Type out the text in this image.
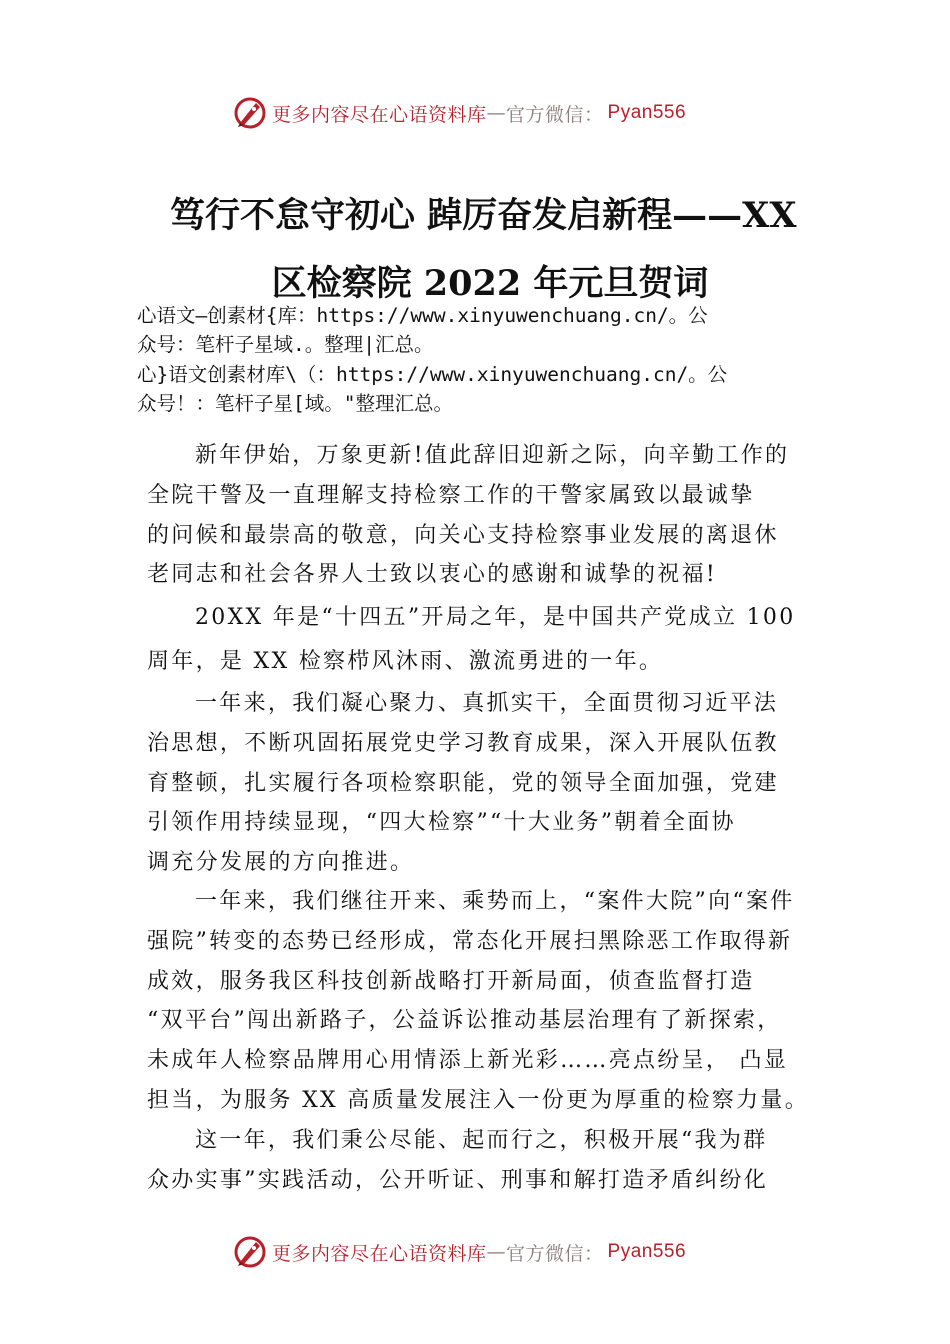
更多内容尽在心语资料库 — 官方微信： Pyan556
笃行不怠守初心 踔厉奋发启新程——XX
区检察院 2022 年元旦贺词
心语文—创素材{库：https://www.xinyuwenchuang.cn/。公
众号：笔杆子星域.。整理|汇总。
心}语文创素材库\（：https://www.xinyuwenchuang.cn/。公
众号！：笔杆子星[域。"整理汇总。
新年伊始，万象更新!值此辞旧迎新之际，向辛勤工作的
全院干警及一直理解支持检察工作的干警家属致以最诚挚
的问候和最崇高的敬意，向关心支持检察事业发展的离退休
老同志和社会各界人士致以衷心的感谢和诚挚的祝福!
20XX 年是“十四五”开局之年，是中国共产党成立 100
周年，是 XX 检察栉风沐雨、激流勇进的一年。
一年来，我们凝心聚力、真抓实干，全面贯彻习近平法
治思想，不断巩固拓展党史学习教育成果，深入开展队伍教
育整顿，扎实履行各项检察职能，党的领导全面加强，党建
引领作用持续显现，“四大检察”“十大业务”朝着全面协
调充分发展的方向推进。
一年来，我们继往开来、乘势而上，“案件大院”向“案件
强院”转变的态势已经形成，常态化开展扫黑除恶工作取得新
成效，服务我区科技创新战略打开新局面，侦查监督打造
“双平台”闯出新路子，公益诉讼推动基层治理有了新探索，
未成年人检察品牌用心用情添上新光彩……亮点纷呈， 凸显
担当，为服务 XX 高质量发展注入一份更为厚重的检察力量。
这一年，我们秉公尽能、起而行之，积极开展“我为群
众办实事”实践活动，公开听证、刑事和解打造矛盾纠纷化
更多内容尽在心语资料库 — 官方微信： Pyan556
